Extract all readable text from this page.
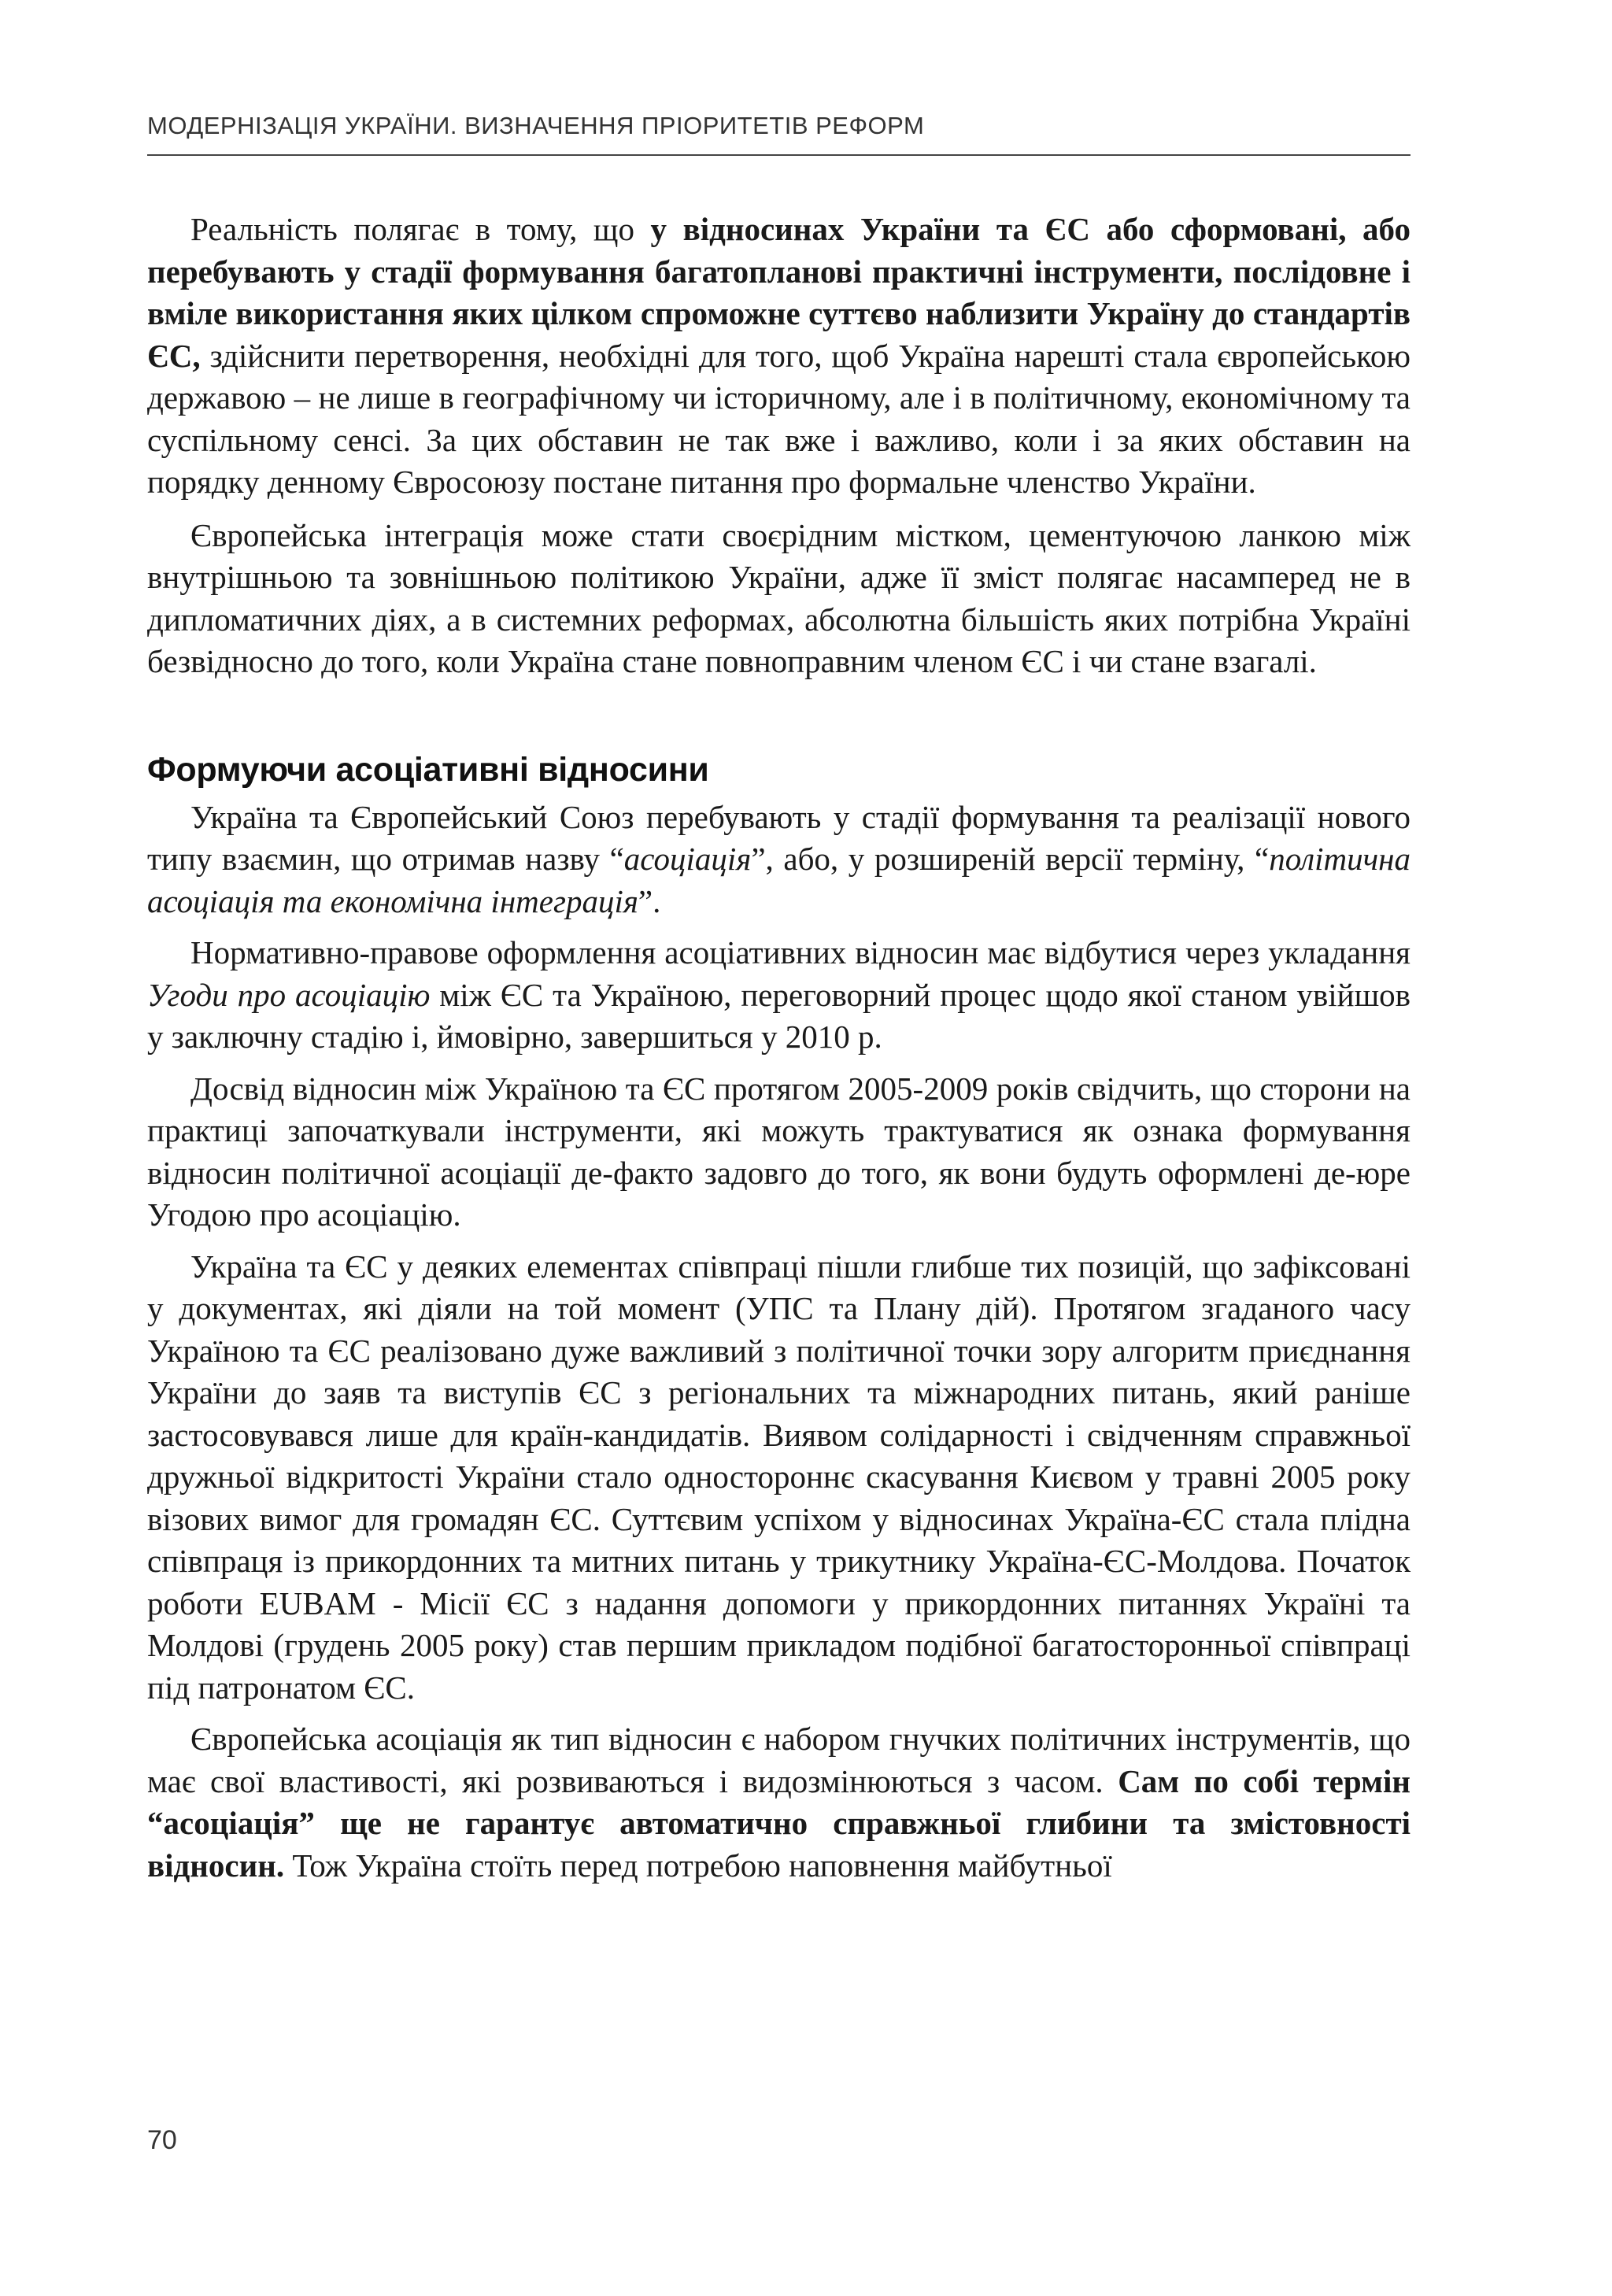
МОДЕРНІЗАЦІЯ УКРАЇНИ. ВИЗНАЧЕННЯ ПРІОРИТЕТІВ РЕФОРМ

Реальність полягає в тому, що у відносинах України та ЄС або сформовані, або перебувають у стадії формування багатопланові практичні інструменти, послідовне і вміле використання яких цілком спроможне суттєво наблизити Україну до стандартів ЄС, здійснити перетворення, необхідні для того, щоб Україна нарешті стала європейською державою – не лише в географічному чи історичному, але і в політичному, економічному та суспільному сенсі. За цих обставин не так вже і важливо, коли і за яких обставин на порядку денному Євросоюзу постане питання про формальне членство України.

Європейська інтеграція може стати своєрідним містком, цементуючою ланкою між внутрішньою та зовнішньою політикою України, адже її зміст полягає насамперед не в дипломатичних діях, а в системних реформах, абсолютна більшість яких потрібна Україні безвідносно до того, коли Україна стане повноправним членом ЄС і чи стане взагалі.

Формуючи асоціативні відносини

Україна та Європейський Союз перебувають у стадії формування та реалізації нового типу взаємин, що отримав назву “асоціація”, або, у розширеній версії терміну, “політична асоціація та економічна інтеграція”.

Нормативно-правове оформлення асоціативних відносин має відбутися через укладання Угоди про асоціацію між ЄС та Україною, переговорний процес щодо якої станом увійшов у заключну стадію і, ймовірно, завершиться у 2010 р.

Досвід відносин між Україною та ЄС протягом 2005-2009 років свідчить, що сторони на практиці започаткували інструменти, які можуть трактуватися як ознака формування відносин політичної асоціації де-факто задовго до того, як вони будуть оформлені де-юре Угодою про асоціацію.

Україна та ЄС у деяких елементах співпраці пішли глибше тих позицій, що зафіксовані у документах, які діяли на той момент (УПС та Плану дій). Протягом згаданого часу Україною та ЄС реалізовано дуже важливий з політичної точки зору алгоритм приєднання України до заяв та виступів ЄС з регіональних та міжнародних питань, який раніше застосовувався лише для країн-кандидатів. Виявом солідарності і свідченням справжньої дружньої відкритості України стало одностороннє скасування Києвом у травні 2005 року візових вимог для громадян ЄС. Суттєвим успіхом у відносинах Україна-ЄС стала плідна співпраця із прикордонних та митних питань у трикутнику Україна-ЄС-Молдова. Початок роботи EUBAM - Місії ЄС з надання допомоги у прикордонних питаннях Україні та Молдові (грудень 2005 року) став першим прикладом подібної багатосторонньої співпраці під патронатом ЄС.

Європейська асоціація як тип відносин є набором гнучких політичних інструментів, що має свої властивості, які розвиваються і видозмінюються з часом. Сам по собі термін “асоціація” ще не гарантує автоматично справжньої глибини та змістовності відносин. Тож Україна стоїть перед потребою наповнення майбутньої

70
